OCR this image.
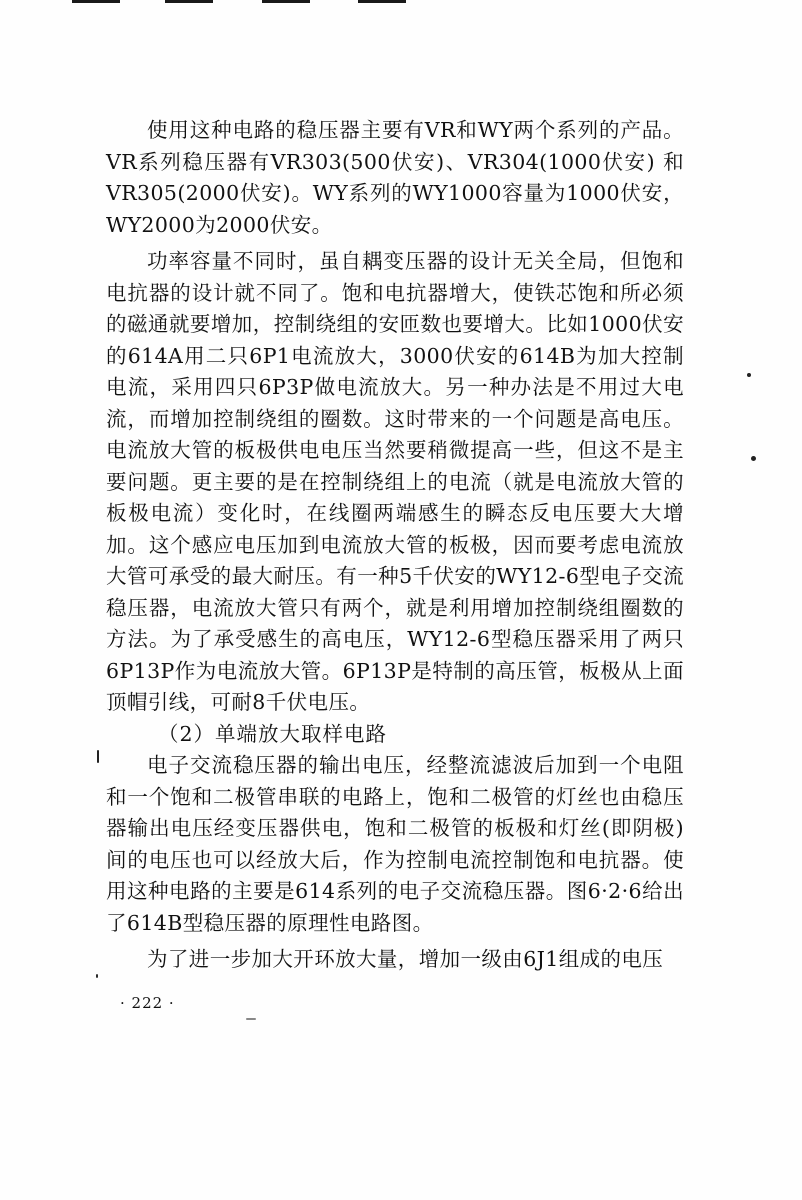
使用这种电路的稳压器主要有VR和WY两个系列的产品。VR系列稳压器有VR303(500伏安)、VR304(1000伏安) 和VR305(2000伏安)。WY系列的WY1000容量为1000伏安，WY2000为2000伏安。

功率容量不同时，虽自耦变压器的设计无关全局，但饱和电抗器的设计就不同了。饱和电抗器增大，使铁芯饱和所必须的磁通就要增加，控制绕组的安匝数也要增大。比如1000伏安的614A用二只6P1电流放大，3000伏安的614B为加大控制电流，采用四只6P3P做电流放大。另一种办法是不用过大电流，而增加控制绕组的圈数。这时带来的一个问题是高电压。电流放大管的板极供电电压当然要稍微提高一些，但这不是主要问题。更主要的是在控制绕组上的电流（就是电流放大管的板极电流）变化时，在线圈两端感生的瞬态反电压要大大增加。这个感应电压加到电流放大管的板极，因而要考虑电流放大管可承受的最大耐压。有一种5千伏安的WY12-6型电子交流稳压器，电流放大管只有两个，就是利用增加控制绕组圈数的方法。为了承受感生的高电压，WY12-6型稳压器采用了两只6P13P作为电流放大管。6P13P是特制的高压管，板极从上面顶帽引线，可耐8千伏电压。

（2）单端放大取样电路

电子交流稳压器的输出电压，经整流滤波后加到一个电阻和一个饱和二极管串联的电路上，饱和二极管的灯丝也由稳压器输出电压经变压器供电，饱和二极管的板极和灯丝(即阴极)间的电压也可以经放大后，作为控制电流控制饱和电抗器。使用这种电路的主要是614系列的电子交流稳压器。图6·2·6给出了614B型稳压器的原理性电路图。

为了进一步加大开环放大量，增加一级由6J1组成的电压

· 222 ·
